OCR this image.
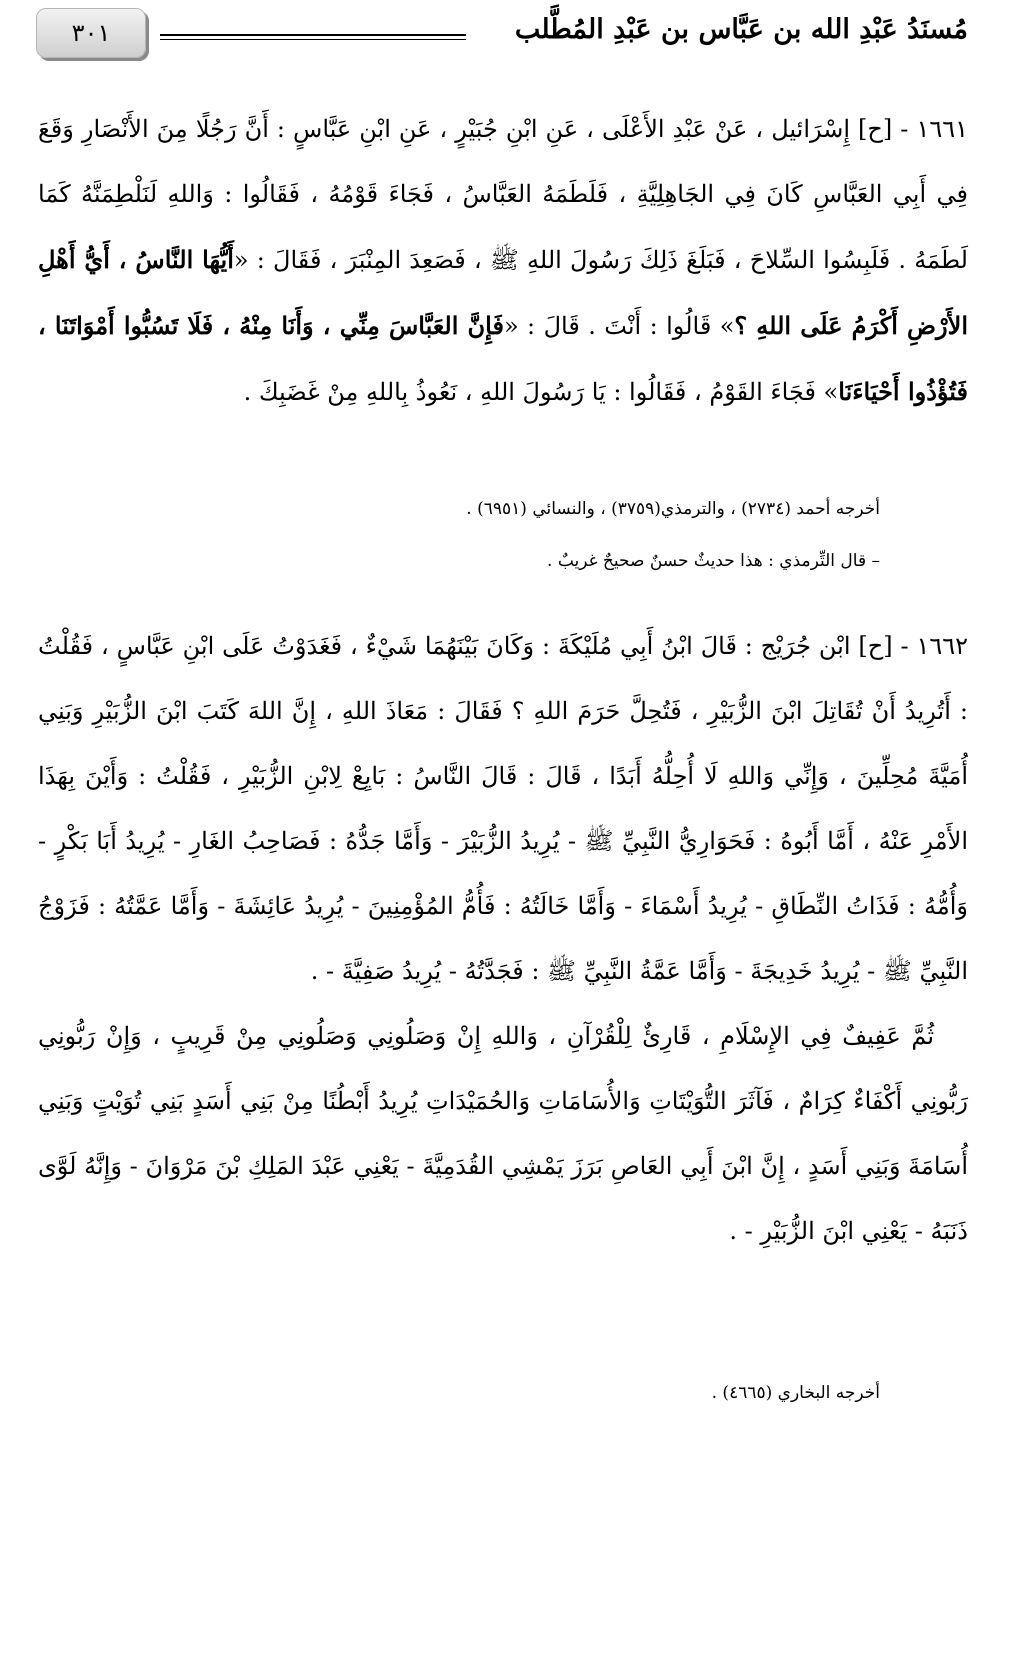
مُسنَدُ عَبْدِ الله بن عَبَّاس بن عَبْدِ المُطَّلب
٣٠١

١٦٦١ - [ح] إِسْرَائيل ، عَنْ عَبْدِ الأَعْلَى ، عَنِ ابْنِ جُبَيْرٍ ، عَنِ ابْنِ عَبَّاسٍ : أَنَّ رَجُلًا مِنَ الأَنْصَارِ وَقَعَ فِي أَبِي العَبَّاسِ كَانَ فِي الجَاهِلِيَّةِ ، فَلَطَمَهُ العَبَّاسُ ، فَجَاءَ قَوْمُهُ ، فَقَالُوا : وَاللهِ لَنَلْطِمَنَّهُ كَمَا لَطَمَهُ . فَلَبِسُوا السِّلاحَ ، فَبَلَغَ ذَلِكَ رَسُولَ اللهِ ﷺ ، فَصَعِدَ المِنْبَرَ ، فَقَالَ : «أَيُّهَا النَّاسُ ، أَيُّ أَهْلِ الأَرْضِ أَكْرَمُ عَلَى اللهِ ؟» قَالُوا : أَنْتَ . قَالَ : «فَإِنَّ العَبَّاسَ مِنِّي ، وَأَنَا مِنْهُ ، فَلَا تَسُبُّوا أَمْوَاتَنَا ، فَتُؤْذُوا أَحْيَاءَنَا» فَجَاءَ القَوْمُ ، فَقَالُوا : يَا رَسُولَ اللهِ ، نَعُوذُ بِاللهِ مِنْ غَضَبِكَ .

أخرجه أحمد (٢٧٣٤) ، والترمذي(٣٧٥٩) ، والنسائي (٦٩٥١) .
– قال التِّرمذي : هذا حديثٌ حسنٌ صحيحٌ غريبٌ .

١٦٦٢ - [ح] ابْن جُرَيْج : قَالَ ابْنُ أَبِي مُلَيْكَةَ : وَكَانَ بَيْنَهُمَا شَيْءٌ ، فَغَدَوْتُ عَلَى ابْنِ عَبَّاسٍ ، فَقُلْتُ : أَتُرِيدُ أَنْ تُقَاتِلَ ابْنَ الزُّبَيْرِ ، فَتُحِلَّ حَرَمَ اللهِ ؟ فَقَالَ : مَعَاذَ اللهِ ، إِنَّ اللهَ كَتَبَ ابْنَ الزُّبَيْرِ وَبَنِي أُمَيَّةَ مُحِلِّينَ ، وَإِنِّي وَاللهِ لَا أُحِلُّهُ أَبَدًا ، قَالَ : قَالَ النَّاسُ : بَايِعْ لِابْنِ الزُّبَيْرِ ، فَقُلْتُ : وَأَيْنَ بِهَذَا الأَمْرِ عَنْهُ ، أَمَّا أَبُوهُ : فَحَوَارِيُّ النَّبِيِّ ﷺ - يُرِيدُ الزُّبَيْرَ - وَأَمَّا جَدُّهُ : فَصَاحِبُ الغَارِ - يُرِيدُ أَبَا بَكْرٍ - وَأُمُّهُ : فَذَاتُ النِّطَاقِ - يُرِيدُ أَسْمَاءَ - وَأَمَّا خَالَتُهُ : فَأُمُّ المُؤْمِنِينَ - يُرِيدُ عَائِشَةَ - وَأَمَّا عَمَّتُهُ : فَزَوْجُ النَّبِيِّ ﷺ - يُرِيدُ خَدِيجَةَ - وَأَمَّا عَمَّةُ النَّبِيِّ ﷺ : فَجَدَّتُهُ - يُرِيدُ صَفِيَّةَ - .

ثُمَّ عَفِيفٌ فِي الإِسْلَامِ ، قَارِئٌ لِلْقُرْآنِ ، وَاللهِ إِنْ وَصَلُونِي وَصَلُونِي مِنْ قَرِيبٍ ، وَإِنْ رَبُّونِي رَبُّونِي أَكْفَاءٌ كِرَامٌ ، فَآثَرَ التُّوَيْتَاتِ وَالأُسَامَاتِ وَالحُمَيْدَاتِ يُرِيدُ أَبْطُنًا مِنْ بَنِي أَسَدٍ بَنِي تُوَيْتٍ وَبَنِي أُسَامَةَ وَبَنِي أَسَدٍ ، إِنَّ ابْنَ أَبِي العَاصِ بَرَزَ يَمْشِي القُدَمِيَّةَ - يَعْنِي عَبْدَ المَلِكِ بْنَ مَرْوَانَ - وَإِنَّهُ لَوَّى ذَنَبَهُ - يَعْنِي ابْنَ الزُّبَيْرِ - .

أخرجه البخاري (٤٦٦٥) .
